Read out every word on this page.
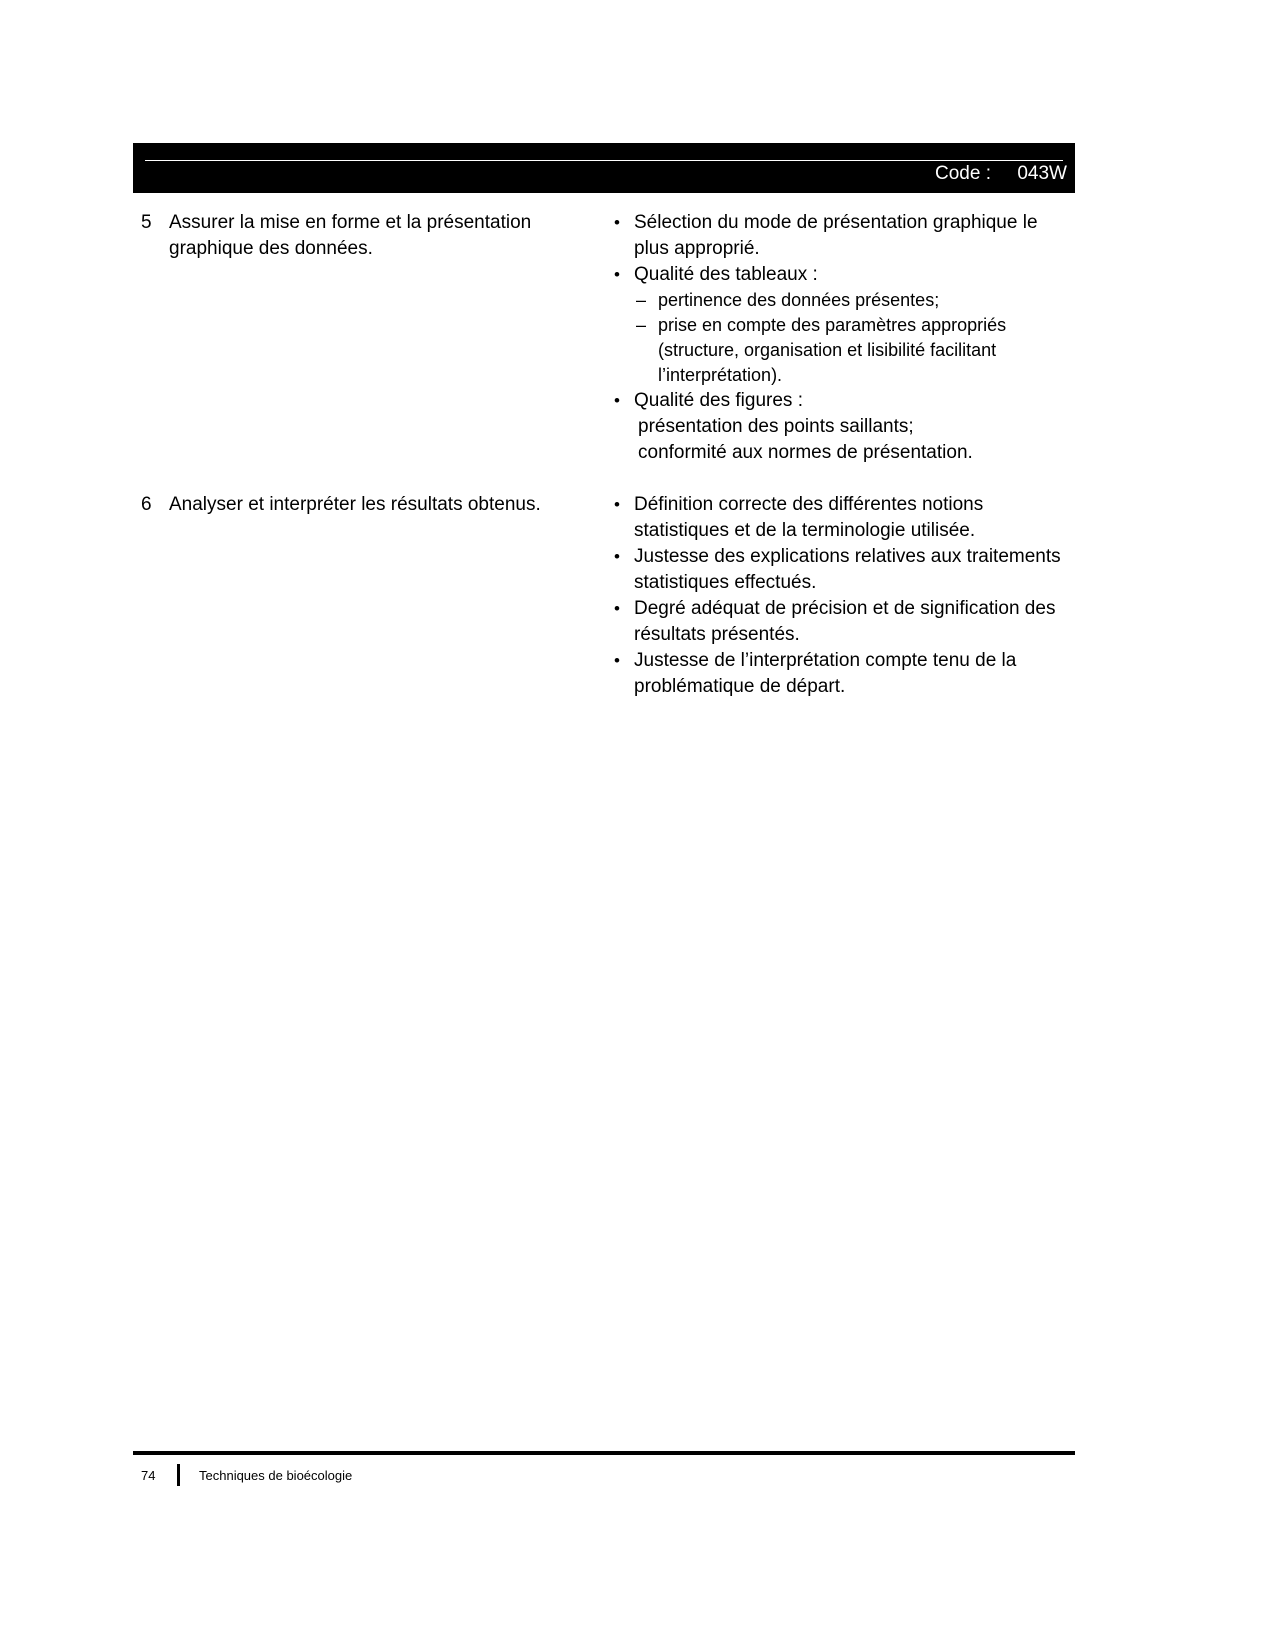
Code : 043W
5 Assurer la mise en forme et la présentation graphique des données.
• Sélection du mode de présentation graphique le plus approprié.
• Qualité des tableaux :
– pertinence des données présentes;
– prise en compte des paramètres appropriés (structure, organisation et lisibilité facilitant l’interprétation).
• Qualité des figures :
présentation des points saillants;
conformité aux normes de présentation.
6 Analyser et interpréter les résultats obtenus.	• Définition correcte des différentes notions statistiques et de la terminologie utilisée.
• Justesse des explications relatives aux traitements statistiques effectués.
• Degré adéquat de précision et de signification des résultats présentés.
• Justesse de l’interprétation compte tenu de la problématique de départ.
74	Techniques de bioécologie
